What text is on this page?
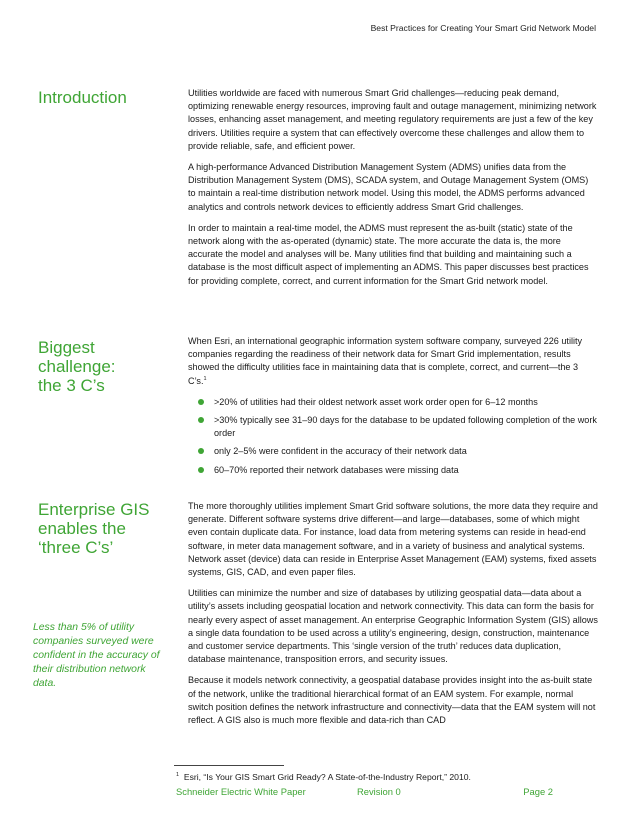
Best Practices for Creating Your Smart Grid Network Model
Introduction	Utilities worldwide are faced with numerous Smart Grid challenges—reducing peak demand, optimizing renewable energy resources, improving fault and outage management, minimizing network losses, enhancing asset management, and meeting regulatory requirements are just a few of the key drivers. Utilities require a system that can effectively overcome these challenges and allow them to provide reliable, safe, and efficient power.

A high-performance Advanced Distribution Management System (ADMS) unifies data from the Distribution Management System (DMS), SCADA system, and Outage Management System (OMS) to maintain a real-time distribution network model. Using this model, the ADMS performs advanced analytics and controls network devices to efficiently address Smart Grid challenges.

In order to maintain a real-time model, the ADMS must represent the as-built (static) state of the network along with the as-operated (dynamic) state. The more accurate the data is, the more accurate the model and analyses will be. Many utilities find that building and maintaining such a database is the most difficult aspect of implementing an ADMS. This paper discusses best practices for providing complete, correct, and current information for the Smart Grid network model.

Biggest
challenge:
the 3 C’s

When Esri, an international geographic information system software company, surveyed 226 utility companies regarding the readiness of their network data for Smart Grid implementation, results showed the difficulty utilities face in maintaining data that is complete, correct, and current—the 3 C’s.$^1$

>20% of utilities had their oldest network asset work order open for 6–12 months
>30% typically see 31–90 days for the database to be updated following completion of the work order
only 2–5% were confident in the accuracy of their network data
60–70% reported their network databases were missing data
Enterprise GIS
enables the
‘three C’s’
Less than 5% of utility companies surveyed were confident in the accuracy of their distribution network data.

The more thoroughly utilities implement Smart Grid software solutions, the more data they require and generate. Different software systems drive different—and large—databases, some of which might even contain duplicate data. For instance, load data from metering systems can reside in head-end software, in meter data management software, and in a variety of business and analytical systems. Network asset (device) data can reside in Enterprise Asset Management (EAM) systems, fixed assets systems, GIS, CAD, and even paper files.

Utilities can minimize the number and size of databases by utilizing geospatial data—data about a utility’s assets including geospatial location and network connectivity. This data can form the basis for nearly every aspect of asset management. An enterprise Geographic Information System (GIS) allows a single data foundation to be used across a utility’s engineering, design, construction, maintenance and customer service departments. This ‘single version of the truth’ reduces data duplication, database maintenance, transposition errors, and security issues.

Because it models network connectivity, a geospatial database provides insight into the as-built state of the network, unlike the traditional hierarchical format of an EAM system. For example, normal switch position defines the network infrastructure and connectivity—data that the EAM system will not reflect. A GIS also is much more flexible and data-rich than CAD

$^1$ Esri, “Is Your GIS Smart Grid Ready? A State-of-the-Industry Report,” 2010.
Schneider Electric White Paper	Revision 0	Page 2
